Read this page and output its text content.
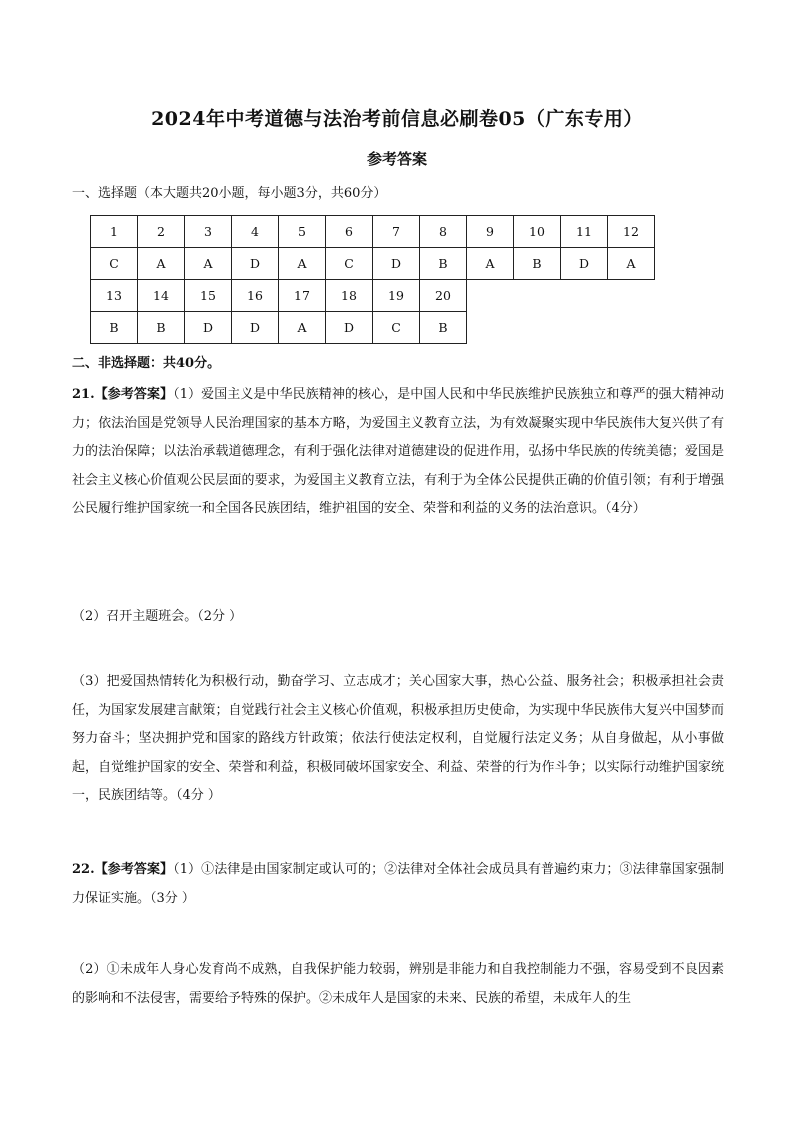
2024年中考道德与法治考前信息必刷卷05（广东专用）
参考答案
一、选择题（本大题共20小题，每小题3分，共60分）
1	2	3	4	5	6	7	8	9	10	11	12
C	A	A	D	A	C	D	B	A	B	D	A
13	14	15	16	17	18	19	20				
B	B	D	D	A	D	C	B				
二、非选择题：共40分。
21.【参考答案】（1）爱国主义是中华民族精神的核心，是中国人民和中华民族维护民族独立和尊严的强大精神动力；依法治国是党领导人民治理国家的基本方略，为爱国主义教育立法，为有效凝聚实现中华民族伟大复兴供了有力的法治保障；以法治承载道德理念，有利于强化法律对道德建设的促进作用，弘扬中华民族的传统美德；爱国是社会主义核心价值观公民层面的要求，为爱国主义教育立法，有利于为全体公民提供正确的价值引领；有利于增强公民履行维护国家统一和全国各民族团结，维护祖国的安全、荣誉和利益的义务的法治意识。（4分）
（2）召开主题班会。（2分 ）
（3）把爱国热情转化为积极行动，勤奋学习、立志成才；关心国家大事，热心公益、服务社会；积极承担社会责任，为国家发展建言献策；自觉践行社会主义核心价值观，积极承担历史使命，为实现中华民族伟大复兴中国梦而努力奋斗；坚决拥护党和国家的路线方针政策；依法行使法定权利，自觉履行法定义务；从自身做起，从小事做起，自觉维护国家的安全、荣誉和利益，积极同破坏国家安全、利益、荣誉的行为作斗争；以实际行动维护国家统一，民族团结等。（4分 ）
22.【参考答案】（1）①法律是由国家制定或认可的；②法律对全体社会成员具有普遍约束力；③法律靠国家强制力保证实施。（3分 ）
（2）①未成年人身心发育尚不成熟，自我保护能力较弱，辨别是非能力和自我控制能力不强，容易受到不良因素的影响和不法侵害，需要给予特殊的保护。②未成年人是国家的未来、民族的希望，未成年人的生
